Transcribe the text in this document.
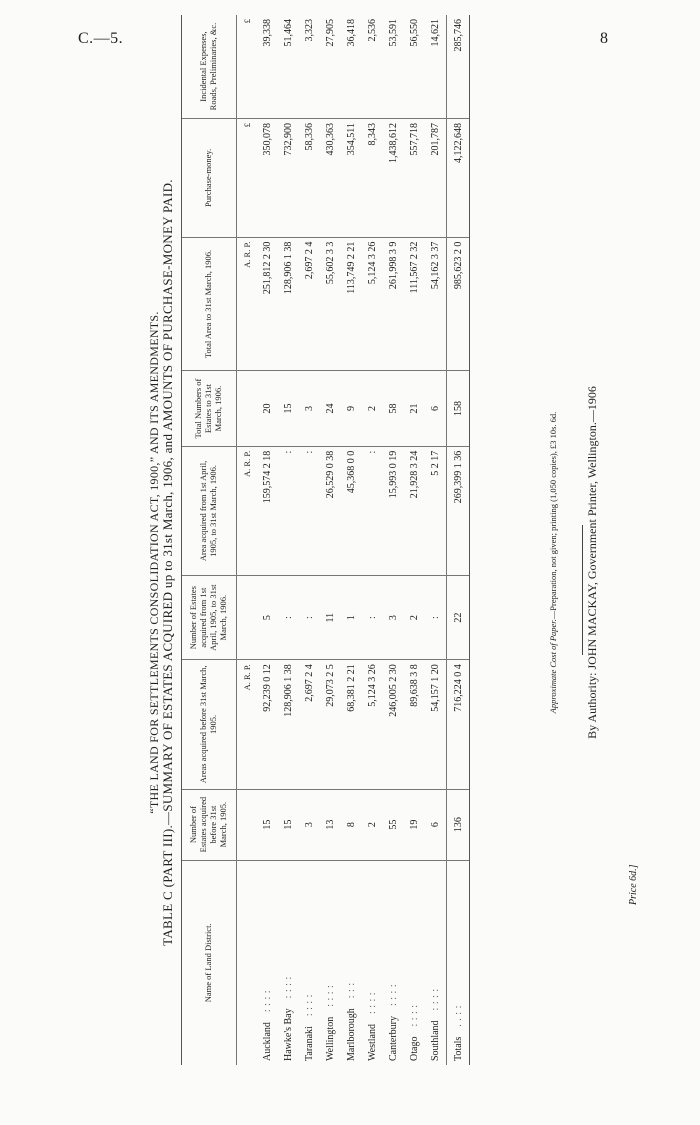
C.—5.	8
“THE LAND FOR SETTLEMENTS CONSOLIDATION ACT, 1900,” AND ITS AMENDMENTS. TABLE C (PART III).—SUMMARY OF ESTATES ACQUIRED up to 31st March, 1906, and AMOUNTS OF PURCHASE-MONEY PAID.
Name of Land District.	Number of Estates acquired before 31st March, 1905.	Areas acquired before 31st March, 1905.	Number of Estates acquired from 1st April, 1905, to 31st March, 1906.	Area acquired from 1st April, 1905, to 31st March, 1906.	Total Numbers of Estates to 31st March, 1906.	Total Area to 31st March, 1906.	Purchase-money.	Incidental Expenses, Roads, Preliminaries, &c.
		A. R. P.		A. R. P.		A. R. P.	£	£
Auckland: : : :	15	92,239 0 12	5	159,574 2 18	20	251,812 2 30	350,078	39,338
Hawke's Bay: : : :	15	128,906 1 38	:	:	15	128,906 1 38	732,900	51,464
Taranaki: : : :	3	2,697 2 4	:	:	3	2,697 2 4	58,336	3,323
Wellington: : : :	13	29,073 2 5	11	26,529 0 38	24	55,602 3 3	430,363	27,905
Marlborough: : :	8	68,381 2 21	1	45,368 0 0	9	113,749 2 21	354,511	36,418
Westland: : : :	2	5,124 3 26	:	:	2	5,124 3 26	8,343	2,536
Canterbury: : : :	55	246,005 2 30	3	15,993 0 19	58	261,998 3 9	1,438,612	53,591
Otago: : : :	19	89,638 3 8	2	21,928 3 24	21	111,567 2 32	557,718	56,550
Southland: : : :	6	54,157 1 20	:	5 2 17	6	54,162 3 37	201,787	14,621
Totals. . : :	136	716,224 0 4	22	269,399 1 36	158	985,623 2 0	4,122,648	285,746
Approximate Cost of Paper.—Preparation, not given; printing (1,050 copies), £3 10s. 6d. By Authority: JOHN MACKAY, Government Printer, Wellington.—1906
Price 6d.]
